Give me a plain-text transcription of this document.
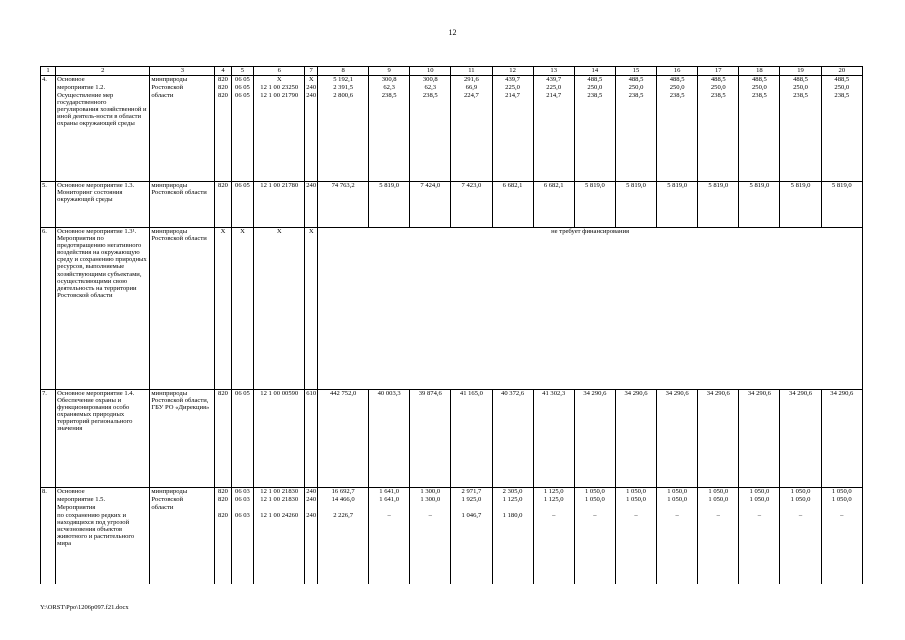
12
1	2	3	4	5	6	7	8	9	10	11	12	13	14	15	16	17	18	19	20
4.	Основное	минприроды	820	06 05	Х	Х	5 192,1	300,8	300,8	291,6	439,7	439,7	488,5	488,5	488,5	488,5	488,5	488,5	488,5
	мероприятие 1.2.	Ростовской	820	06 05	12 1 00 23250	240	2 391,5	62,3	62,3	66,9	225,0	225,0	250,0	250,0	250,0	250,0	250,0	250,0	250,0
	Осуществление мер государственного регулирования хозяйственной и иной деятель-ности в области охраны окружающей среды	области	820	06 05	12 1 00 21790	240	2 800,6	238,5	238,5	224,7	214,7	214,7	238,5	238,5	238,5	238,5	238,5	238,5	238,5
5.	Основное мероприятие 1.3. Мониторинг состояния окружающей среды	минприроды Ростовской области	820	06 05	12 1 00 21780	240	74 763,2	5 819,0	7 424,0	7 423,0	6 682,1	6 682,1	5 819,0	5 819,0	5 819,0	5 819,0	5 819,0	5 819,0	5 819,0
6.	Основное мероприятие 1.3¹. Мероприятия по предотвращению негативного воздействия на окружающую среду и сохранению природных ресурсов, выполняемые хозяйствующими субъектами, осуществляющими свою деятельность на территории Ростовской области	минприроды Ростовской области	Х	Х	Х	Х	не требует финансирования												
7.	Основное мероприятие 1.4. Обеспечение охраны и функционирования особо охраняемых природных территорий регионального значения	минприроды Ростовской области, ГБУ РО «Дирекция»	820	06 05	12 1 00 00590	610	442 752,0	40 003,3	39 874,6	41 165,0	40 372,6	41 302,3	34 290,6	34 290,6	34 290,6	34 290,6	34 290,6	34 290,6	34 290,6
8.	Основное	минприроды	820	06 03	12 1 00 21830	240	16 692,7	1 641,0	1 300,0	2 971,7	2 305,0	1 125,0	1 050,0	1 050,0	1 050,0	1 050,0	1 050,0	1 050,0	1 050,0
	мероприятие 1.5.	Ростовской	820	06 03	12 1 00 21830	240	14 466,0	1 641,0	1 300,0	1 925,0	1 125,0	1 125,0	1 050,0	1 050,0	1 050,0	1 050,0	1 050,0	1 050,0	1 050,0
	Мероприятия	области																	
	по сохранению редких и находящихся под угрозой исчезновения объектов животного и растительного мира		820	06 03	12 1 00 24260	240	2 226,7	–	–	1 046,7	1 180,0	–	–	–	–	–	–	–	–
Y:\ORST\Ppo\1206p097.f21.docx
